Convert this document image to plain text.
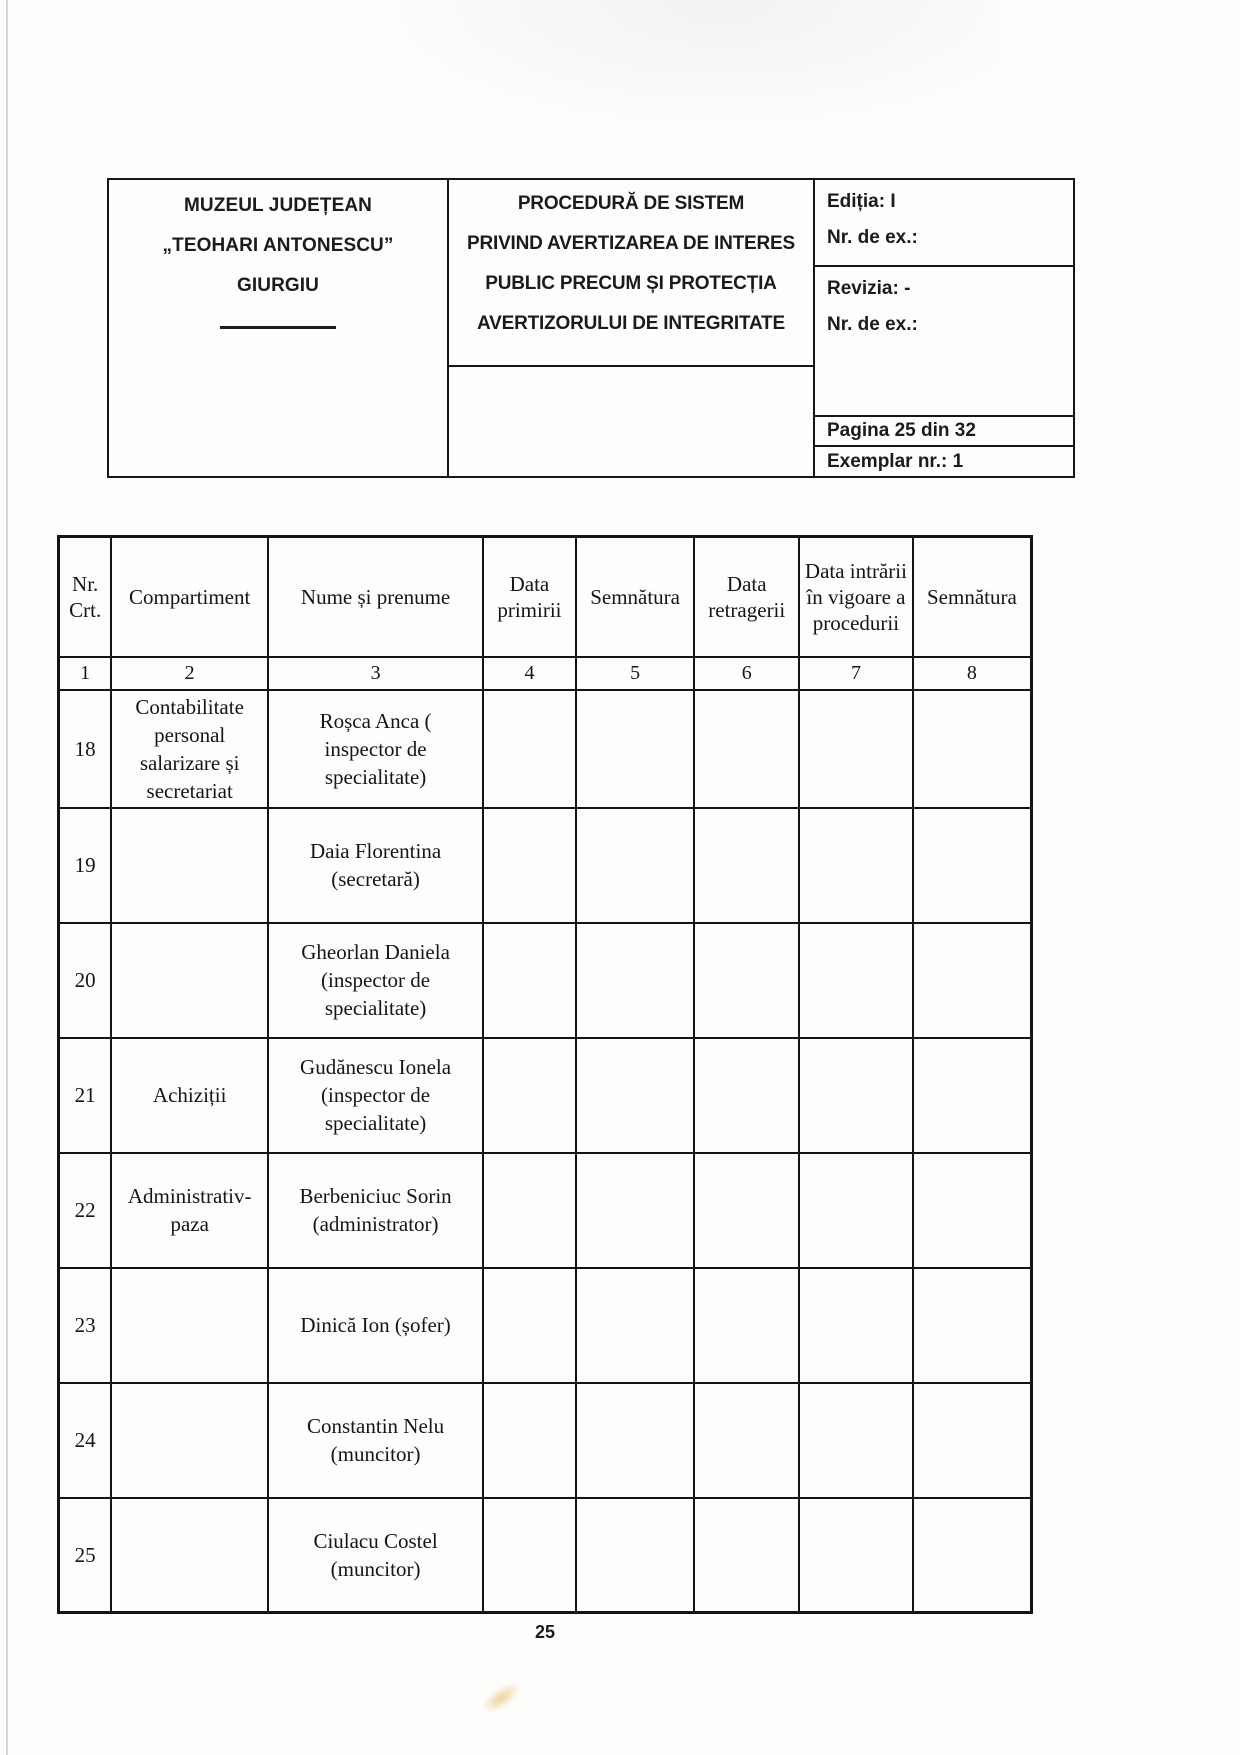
MUZEUL JUDEȚEAN
„TEOHARI ANTONESCU”
GIURGIU
PROCEDURĂ DE SISTEM
PRIVIND AVERTIZAREA DE INTERES
PUBLIC PRECUM ȘI PROTECȚIA
AVERTIZORULUI DE INTEGRITATE
Ediția: I
Nr. de ex.:
Revizia: -
Nr. de ex.:
Pagina 25 din 32
Exemplar nr.: 1
Nr. Crt.	Compartiment	Nume și prenume	Data primirii	Semnătura	Data retragerii	Data intrării în vigoare a procedurii	Semnătura
1	2	3	4	5	6	7	8
18	Contabilitate personal salarizare și secretariat	Roșca Anca ( inspector de specialitate)					
19		Daia Florentina (secretară)					
20		Gheorlan Daniela (inspector de specialitate)					
21	Achiziții	Gudănescu Ionela (inspector de specialitate)					
22	Administrativ-paza	Berbeniciuc Sorin (administrator)					
23		Dinică Ion (șofer)					
24		Constantin Nelu (muncitor)					
25		Ciulacu Costel (muncitor)					
25
